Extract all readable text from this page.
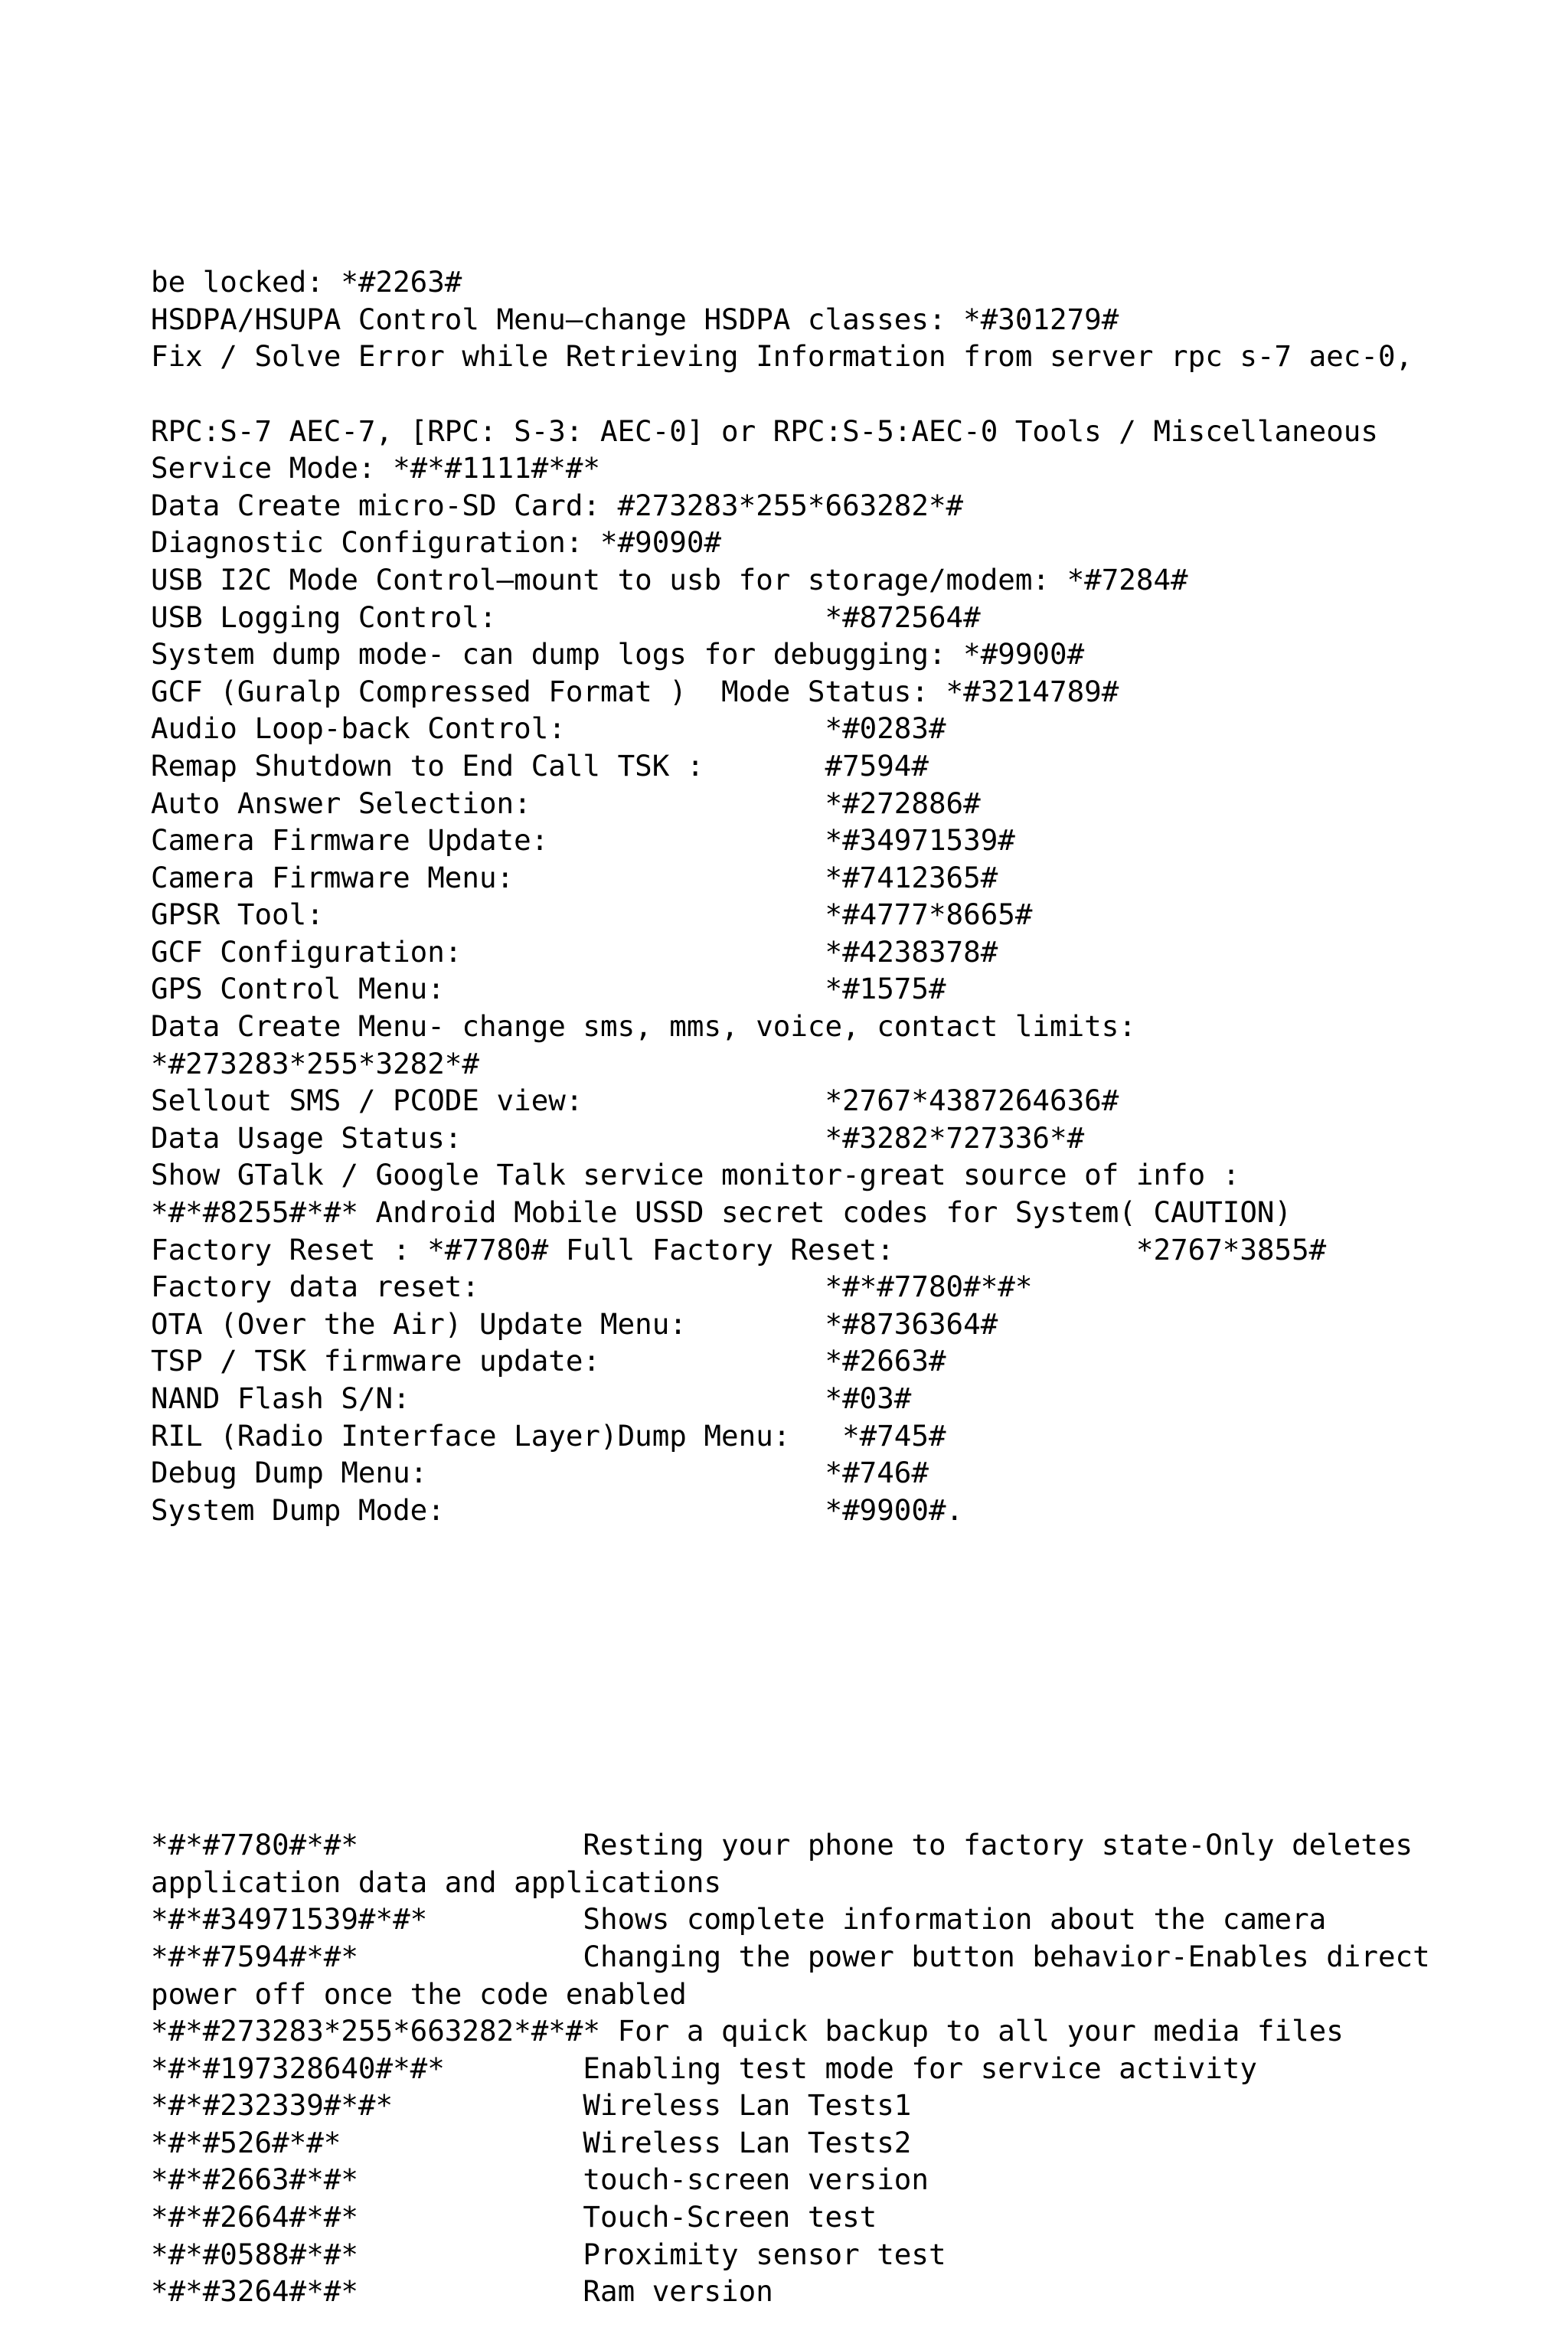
be locked: *#2263#
HSDPA/HSUPA Control Menu—change HSDPA classes: *#301279#
Fix / Solve Error while Retrieving Information from server rpc s-7 aec-0,
RPC:S-7 AEC-7, [RPC: S-3: AEC-0] or RPC:S-5:AEC-0 Tools / Miscellaneous
Service Mode: *#*#1111#*#*
Data Create micro-SD Card: #273283*255*663282*#
Diagnostic Configuration: *#9090#
USB I2C Mode Control—mount to usb for storage/modem: *#7284#
USB Logging Control:                   *#872564#
System dump mode- can dump logs for debugging: *#9900#
GCF (Guralp Compressed Format )  Mode Status: *#3214789#
Audio Loop-back Control:               *#0283#
Remap Shutdown to End Call TSK :       #7594#
Auto Answer Selection:                 *#272886#
Camera Firmware Update:                *#34971539#
Camera Firmware Menu:                  *#7412365#
GPSR Tool:                             *#4777*8665#
GCF Configuration:                     *#4238378#
GPS Control Menu:                      *#1575#
Data Create Menu- change sms, mms, voice, contact limits:
*#273283*255*3282*#
Sellout SMS / PCODE view:              *2767*4387264636#
Data Usage Status:                     *#3282*727336*#
Show GTalk / Google Talk service monitor-great source of info :
*#*#8255#*#* Android Mobile USSD secret codes for System( CAUTION)
Factory Reset : *#7780# Full Factory Reset:              *2767*3855#
Factory data reset:                    *#*#7780#*#*
OTA (Over the Air) Update Menu:        *#8736364#
TSP / TSK firmware update:             *#2663#
NAND Flash S/N:                        *#03#
RIL (Radio Interface Layer)Dump Menu:   *#745#
Debug Dump Menu:                       *#746#
System Dump Mode:                      *#9900#.

*#*#7780#*#*             Resting your phone to factory state-Only deletes
application data and applications
*#*#34971539#*#*         Shows complete information about the camera
*#*#7594#*#*             Changing the power button behavior-Enables direct
power off once the code enabled
*#*#273283*255*663282*#*#* For a quick backup to all your media files
*#*#197328640#*#*        Enabling test mode for service activity
*#*#232339#*#*           Wireless Lan Tests1
*#*#526#*#*              Wireless Lan Tests2
*#*#2663#*#*             touch-screen version
*#*#2664#*#*             Touch-Screen test
*#*#0588#*#*             Proximity sensor test
*#*#3264#*#*             Ram version
